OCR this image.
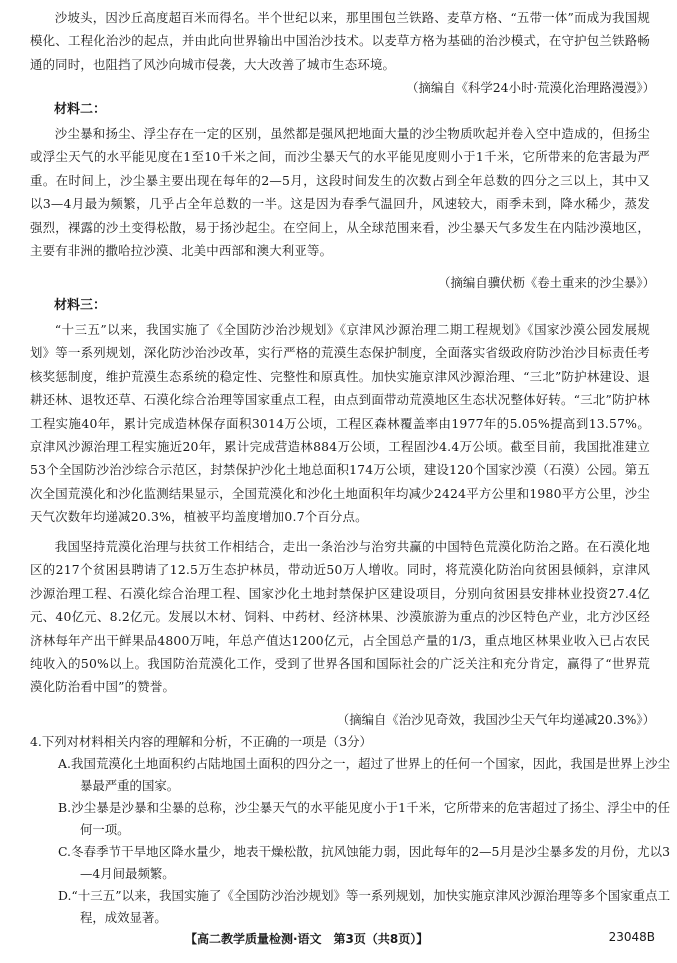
沙坡头，因沙丘高度超百米而得名。半个世纪以来，那里围包兰铁路、麦草方格、“五带一体”而成为我国规模化、工程化治沙的起点，并由此向世界输出中国治沙技术。以麦草方格为基础的治沙模式，在守护包兰铁路畅通的同时，也阻挡了风沙向城市侵袭，大大改善了城市生态环境。
（摘编自《科学24小时·荒漠化治理路漫漫》）
材料二：
沙尘暴和扬尘、浮尘存在一定的区别，虽然都是强风把地面大量的沙尘物质吹起并卷入空中造成的，但扬尘或浮尘天气的水平能见度在1至10千米之间，而沙尘暴天气的水平能见度则小于1千米，它所带来的危害最为严重。在时间上，沙尘暴主要出现在每年的2—5月，这段时间发生的次数占到全年总数的四分之三以上，其中又以3—4月最为频繁，几乎占全年总数的一半。这是因为春季气温回升，风速较大，雨季未到，降水稀少，蒸发强烈，裸露的沙土变得松散，易于扬沙起尘。在空间上，从全球范围来看，沙尘暴天气多发生在内陆沙漠地区，主要有非洲的撒哈拉沙漠、北美中西部和澳大利亚等。
（摘编自骥伏枥《卷土重来的沙尘暴》）
材料三：
“十三五”以来，我国实施了《全国防沙治沙规划》《京津风沙源治理二期工程规划》《国家沙漠公园发展规划》等一系列规划，深化防沙治沙改革，实行严格的荒漠生态保护制度，全面落实省级政府防沙治沙目标责任考核奖惩制度，维护荒漠生态系统的稳定性、完整性和原真性。加快实施京津风沙源治理、“三北”防护林建设、退耕还林、退牧还草、石漠化综合治理等国家重点工程，由点到面带动荒漠地区生态状况整体好转。“三北”防护林工程实施40年，累计完成造林保存面积3014万公顷，工程区森林覆盖率由1977年的5.05%提高到13.57%。京津风沙源治理工程实施近20年，累计完成营造林884万公顷，工程固沙4.4万公顷。截至目前，我国批准建立53个全国防沙治沙综合示范区，封禁保护沙化土地总面积174万公顷，建设120个国家沙漠（石漠）公园。第五次全国荒漠化和沙化监测结果显示，全国荒漠化和沙化土地面积年均减少2424平方公里和1980平方公里，沙尘天气次数年均递减20.3%，植被平均盖度增加0.7个百分点。
我国坚持荒漠化治理与扶贫工作相结合，走出一条治沙与治穷共赢的中国特色荒漠化防治之路。在石漠化地区的217个贫困县聘请了12.5万生态护林员，带动近50万人增收。同时，将荒漠化防治向贫困县倾斜，京津风沙源治理工程、石漠化综合治理工程、国家沙化土地封禁保护区建设项目，分别向贫困县安排林业投资27.4亿元、40亿元、8.2亿元。发展以木材、饲料、中药材、经济林果、沙漠旅游为重点的沙区特色产业，北方沙区经济林每年产出干鲜果品4800万吨，年总产值达1200亿元，占全国总产量的1/3，重点地区林果业收入已占农民纯收入的50%以上。我国防治荒漠化工作，受到了世界各国和国际社会的广泛关注和充分肯定，赢得了“世界荒漠化防治看中国”的赞誉。
（摘编自《治沙见奇效，我国沙尘天气年均递减20.3%》）
4.下列对材料相关内容的理解和分析，不正确的一项是（3分）
A.我国荒漠化土地面积约占陆地国土面积的四分之一，超过了世界上的任何一个国家，因此，我国是世界上沙尘暴最严重的国家。
B.沙尘暴是沙暴和尘暴的总称，沙尘暴天气的水平能见度小于1千米，它所带来的危害超过了扬尘、浮尘中的任何一项。
C.冬春季节干旱地区降水量少，地表干燥松散，抗风蚀能力弱，因此每年的2—5月是沙尘暴多发的月份，尤以3—4月间最频繁。
D.“十三五”以来，我国实施了《全国防沙治沙规划》等一系列规划，加快实施京津风沙源治理等多个国家重点工程，成效显著。
【高二教学质量检测·语文　第3页（共8页）】	23048B
